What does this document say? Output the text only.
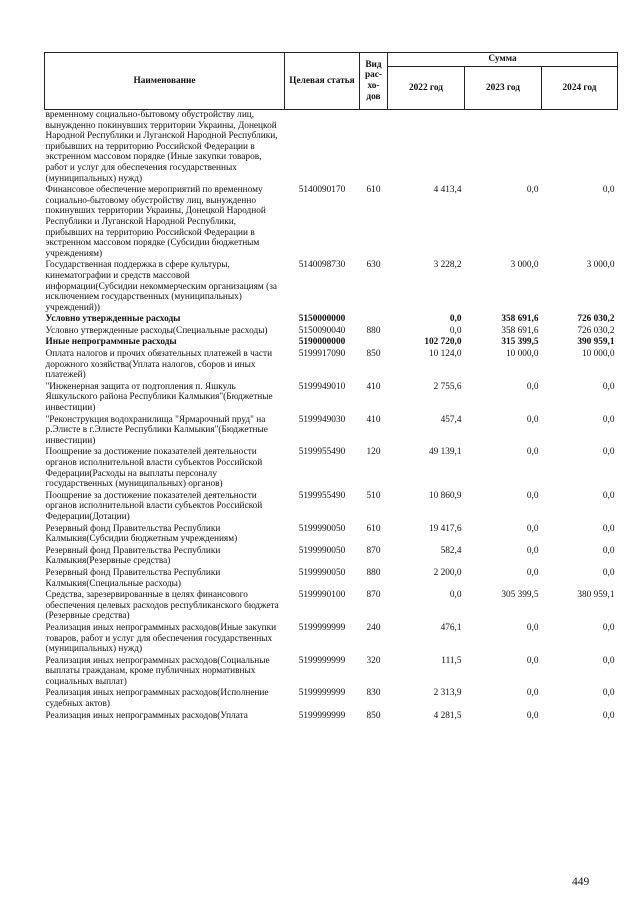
Наименование	Целевая статья	Вид рас-хо-дов	Сумма		
			2022 год	2023 год	2024 год
временному социально-бытовому обустройству лиц, вынужденно покинувших территории Украины, Донецкой Народной Республики и Луганской Народной Республики, прибывших на территорию Российской Федерации в экстренном массовом порядке (Иные закупки товаров, работ и услуг для обеспечения государственных (муниципальных) нужд)					
Финансовое обеспечение мероприятий по временному социально-бытовому обустройству лиц, вынужденно покинувших территории Украины, Донецкой Народной Республики и Луганской Народной Республики, прибывших на территорию Российской Федерации в экстренном массовом порядке (Субсидии бюджетным учреждениям)	5140090170	610	4 413,4	0,0	0,0
Государственная поддержка в сфере культуры, кинематографии и средств массовой информации(Субсидии некоммерческим организациям (за исключением государственных (муниципальных) учреждений))	5140098730	630	3 228,2	3 000,0	3 000,0
Условно утвержденные расходы	5150000000		0,0	358 691,6	726 030,2
Условно утвержденные расходы(Специальные расходы)	5150090040	880	0,0	358 691,6	726 030,2
Иные непрограммные расходы	5190000000		102 720,0	315 399,5	390 959,1
Оплата налогов и прочих обязательных платежей в части дорожного хозяйства(Уплата налогов, сборов и иных платежей)	5199917090	850	10 124,0	10 000,0	10 000,0
"Инженерная защита от подтопления п. Яшкуль Яшкульского района Республики Калмыкия"(Бюджетные инвестиции)	5199949010	410	2 755,6	0,0	0,0
"Реконструкция водохранилища "Ярмарочный пруд" на р.Элисте в г.Элисте Республики Калмыкия"(Бюджетные инвестиции)	5199949030	410	457,4	0,0	0,0
Поощрение за достижение показателей деятельности органов исполнительной власти субъектов Российской Федерации(Расходы на выплаты персоналу государственных (муниципальных) органов)	5199955490	120	49 139,1	0,0	0,0
Поощрение за достижение показателей деятельности органов исполнительной власти субъектов Российской Федерации(Дотации)	5199955490	510	10 860,9	0,0	0,0
Резервный фонд Правительства Республики Калмыкия(Субсидии бюджетным учреждениям)	5199990050	610	19 417,6	0,0	0,0
Резервный фонд Правительства Республики Калмыкия(Резервные средства)	5199990050	870	582,4	0,0	0,0
Резервный фонд Правительства Республики Калмыкия(Специальные расходы)	5199990050	880	2 200,0	0,0	0,0
Средства, зарезервированные в целях финансового обеспечения целевых расходов республиканского бюджета (Резервные средства)	5199990100	870	0,0	305 399,5	380 959,1
Реализация иных непрограммных расходов(Иные закупки товаров, работ и услуг для обеспечения государственных (муниципальных) нужд)	5199999999	240	476,1	0,0	0,0
Реализация иных непрограммных расходов(Социальные выплаты гражданам, кроме публичных нормативных социальных выплат)	5199999999	320	111,5	0,0	0,0
Реализация иных непрограммных расходов(Исполнение судебных актов)	5199999999	830	2 313,9	0,0	0,0
Реализация иных непрограммных расходов(Уплата	5199999999	850	4 281,5	0,0	0,0
449
